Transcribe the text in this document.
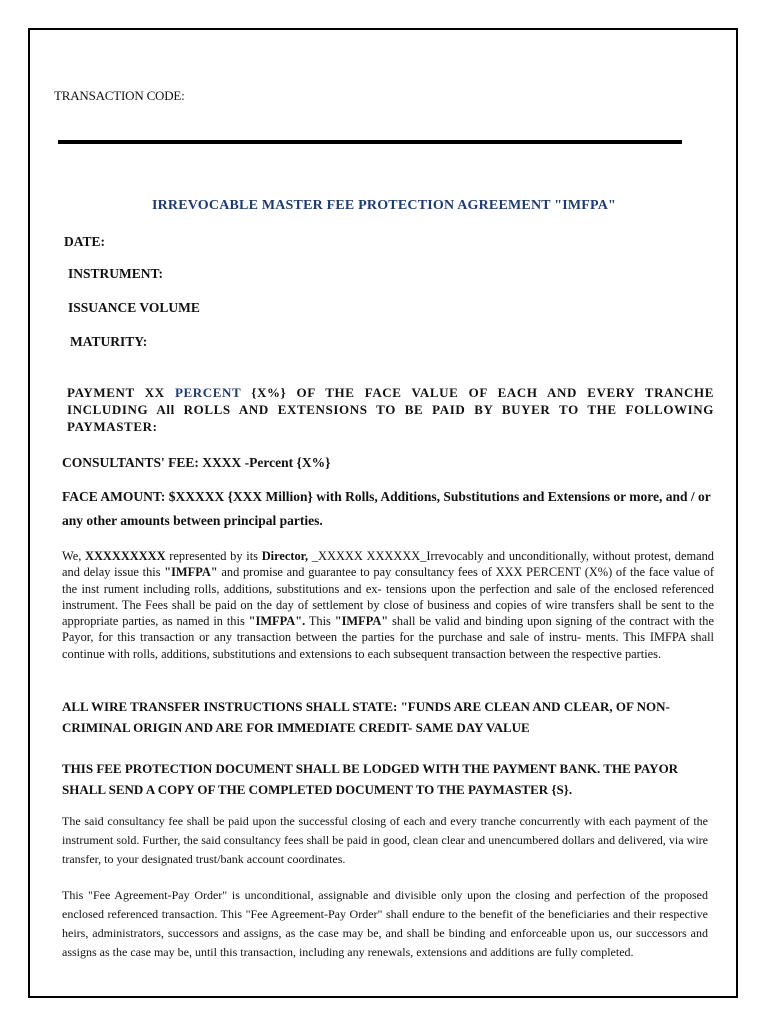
TRANSACTION CODE:
IRREVOCABLE MASTER FEE PROTECTION AGREEMENT "IMFPA"
DATE:
INSTRUMENT:
ISSUANCE VOLUME
MATURITY:
PAYMENT XX PERCENT {X%} OF THE FACE VALUE OF EACH AND EVERY TRANCHE INCLUDING All ROLLS AND EXTENSIONS TO BE PAID BY BUYER TO THE FOLLOWING PAYMASTER:
CONSULTANTS' FEE: XXXX -Percent {X%}
FACE AMOUNT: $XXXXX {XXX Million} with Rolls, Additions, Substitutions and Extensions or more, and / or any other amounts between principal parties.
We, XXXXXXXXX represented by its Director, _XXXXX XXXXXX_Irrevocably and unconditionally, without protest, demand and delay issue this "IMFPA" and promise and guarantee to pay consultancy fees of XXX PERCENT (X%) of the face value of the inst rument including rolls, additions, substitutions and ex- tensions upon the perfection and sale of the enclosed referenced instrument. The Fees shall be paid on the day of settlement by close of business and copies of wire transfers shall be sent to the appropriate parties, as named in this "IMFPA". This "IMFPA" shall be valid and binding upon signing of the contract with the Payor, for this transaction or any transaction between the parties for the purchase and sale of instru- ments. This IMFPA shall continue with rolls, additions, substitutions and extensions to each subsequent transaction between the respective parties.
ALL WIRE TRANSFER INSTRUCTIONS SHALL STATE: "FUNDS ARE CLEAN AND CLEAR, OF NON-CRIMINAL ORIGIN AND ARE FOR IMMEDIATE CREDIT- SAME DAY VALUE
THIS FEE PROTECTION DOCUMENT SHALL BE LODGED WITH THE PAYMENT BANK. THE PAYOR SHALL SEND A COPY OF THE COMPLETED DOCUMENT TO THE PAYMASTER {S}.
The said consultancy fee shall be paid upon the successful closing of each and every tranche concurrently with each payment of the instrument sold. Further, the said consultancy fees shall be paid in good, clean clear and unencumbered dollars and delivered, via wire transfer, to your designated trust/bank account coordinates.
This "Fee Agreement-Pay Order" is unconditional, assignable and divisible only upon the closing and perfection of the proposed enclosed referenced transaction. This "Fee Agreement-Pay Order" shall endure to the benefit of the beneficiaries and their respective heirs, administrators, successors and assigns, as the case may be, and shall be binding and enforceable upon us, our successors and assigns as the case may be, until this transaction, including any renewals, extensions and additions are fully completed.
